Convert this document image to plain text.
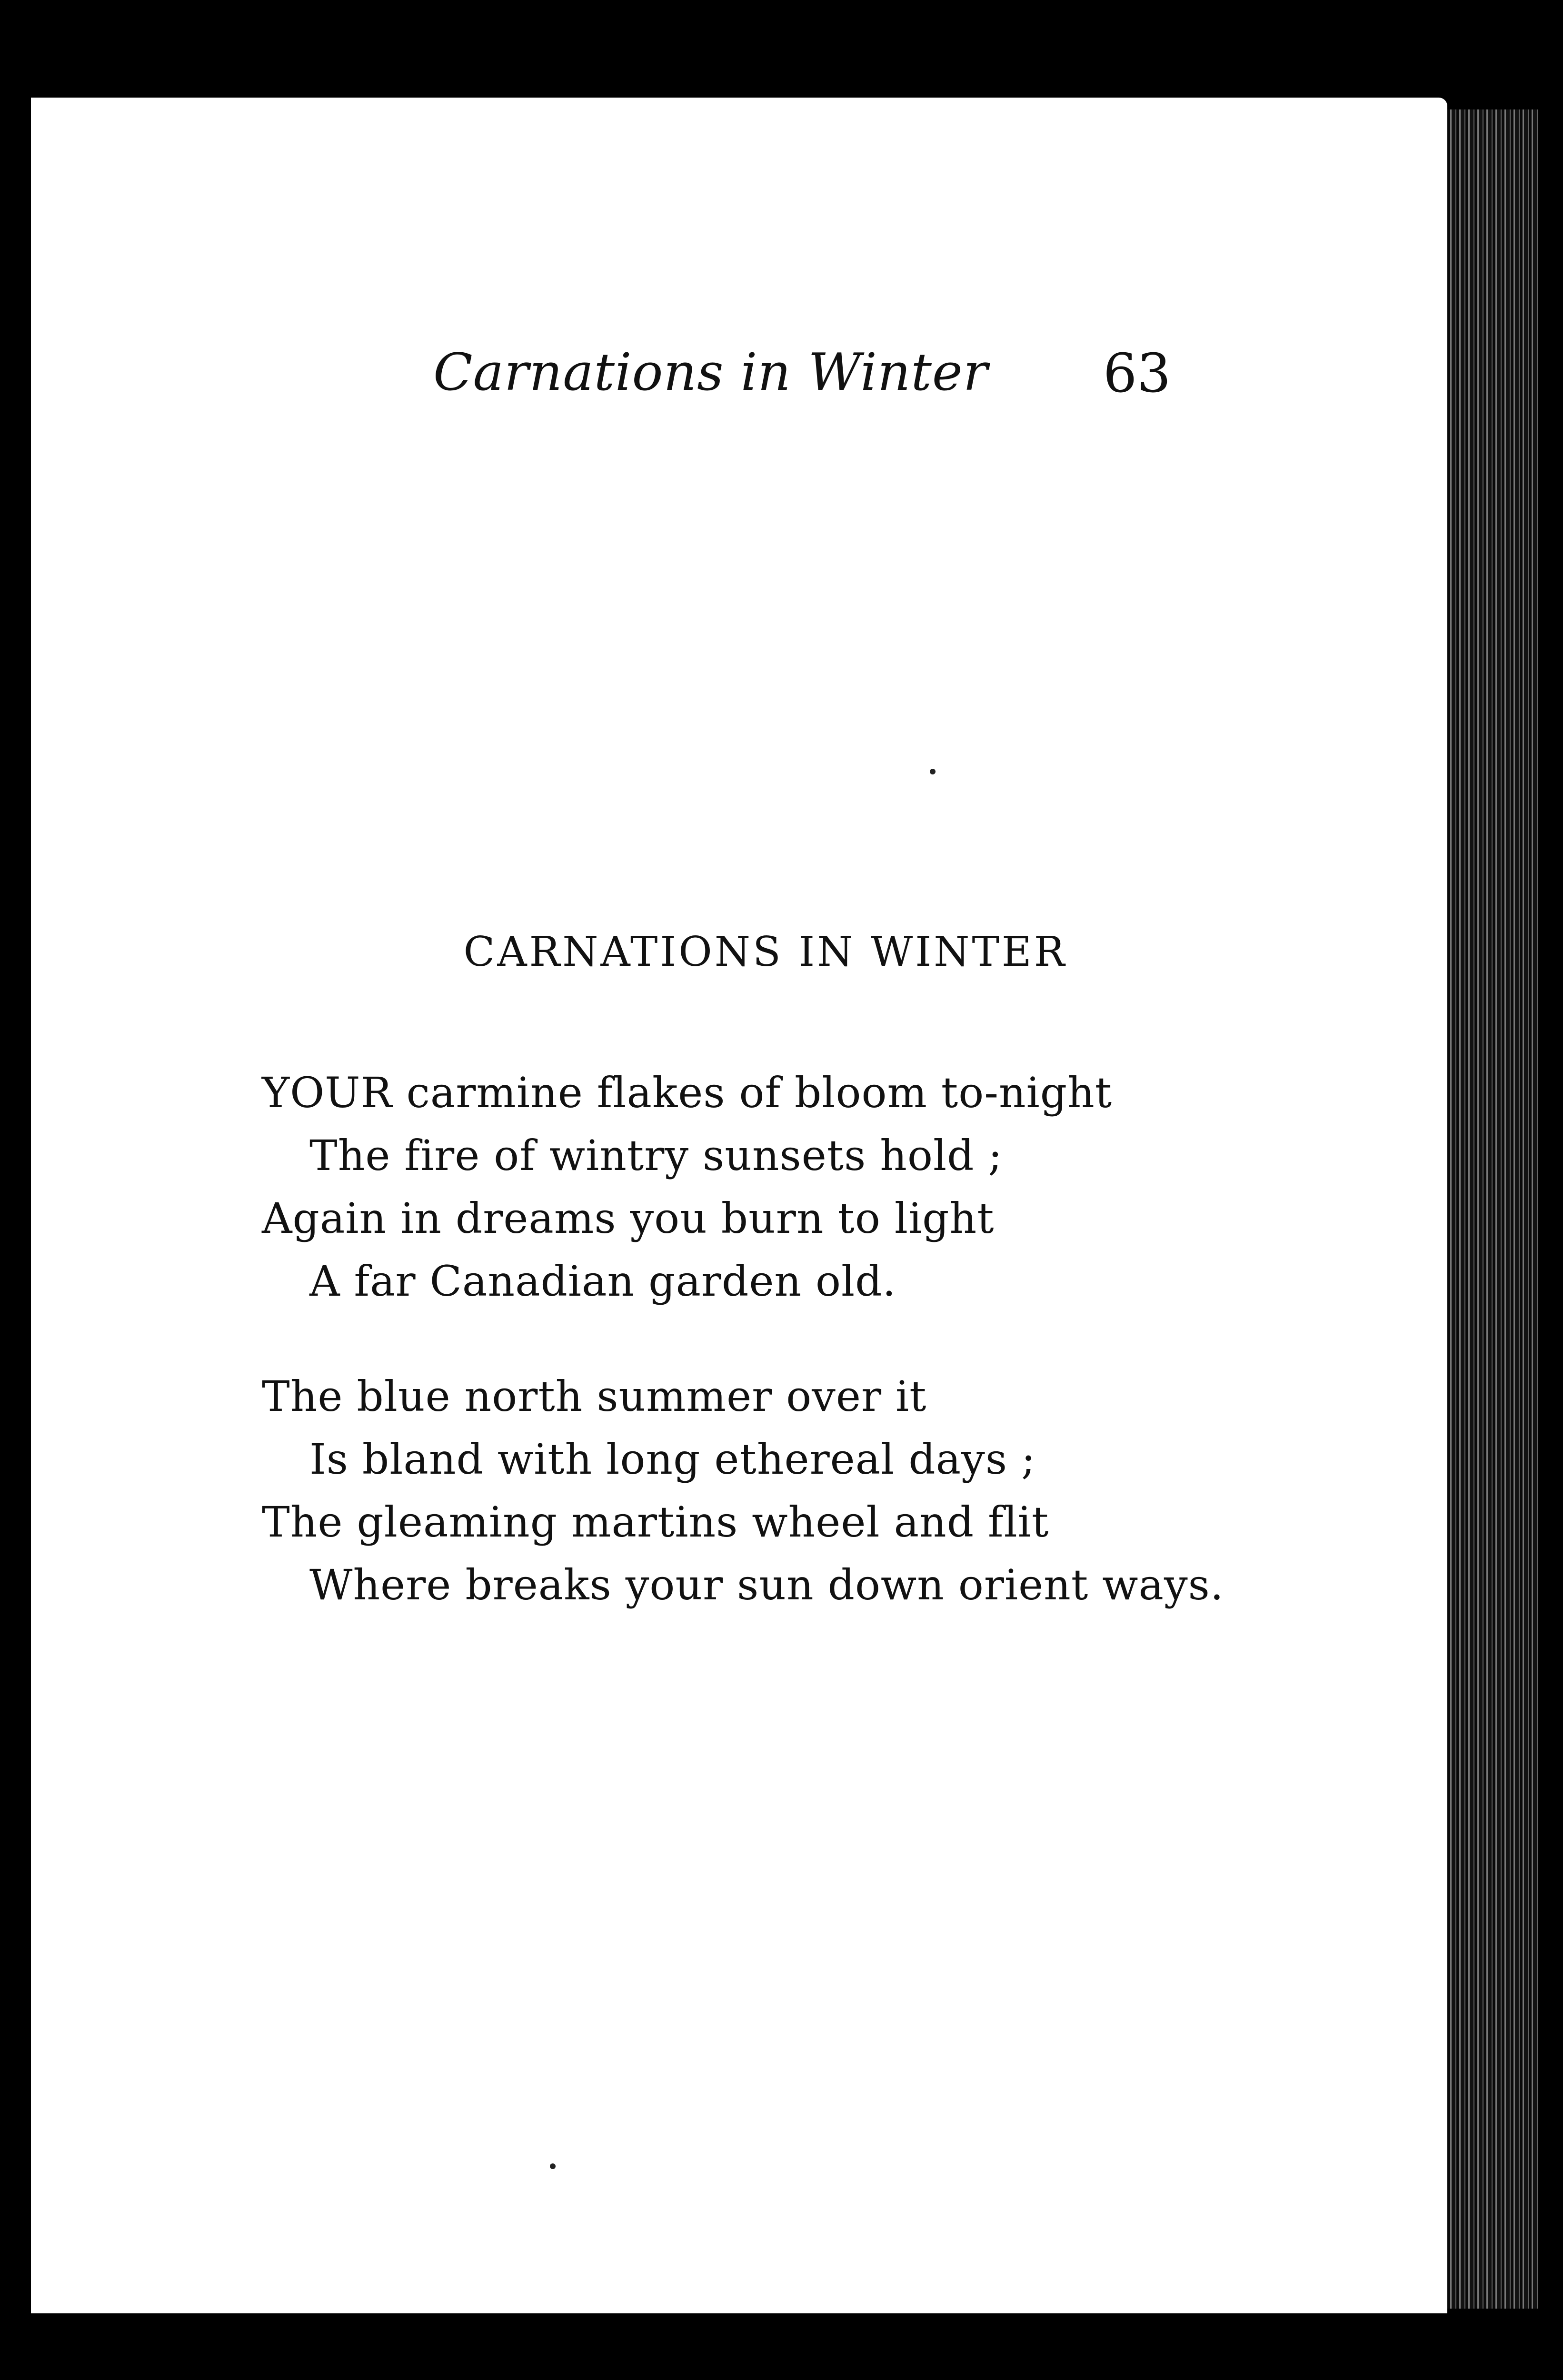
Carnations in Winter 63
CARNATIONS IN WINTER
YOUR carmine flakes of bloom to-night
The fire of wintry sunsets hold ;
Again in dreams you burn to light
A far Canadian garden old.
The blue north summer over it
Is bland with long ethereal days ;
The gleaming martins wheel and flit
Where breaks your sun down orient ways.
